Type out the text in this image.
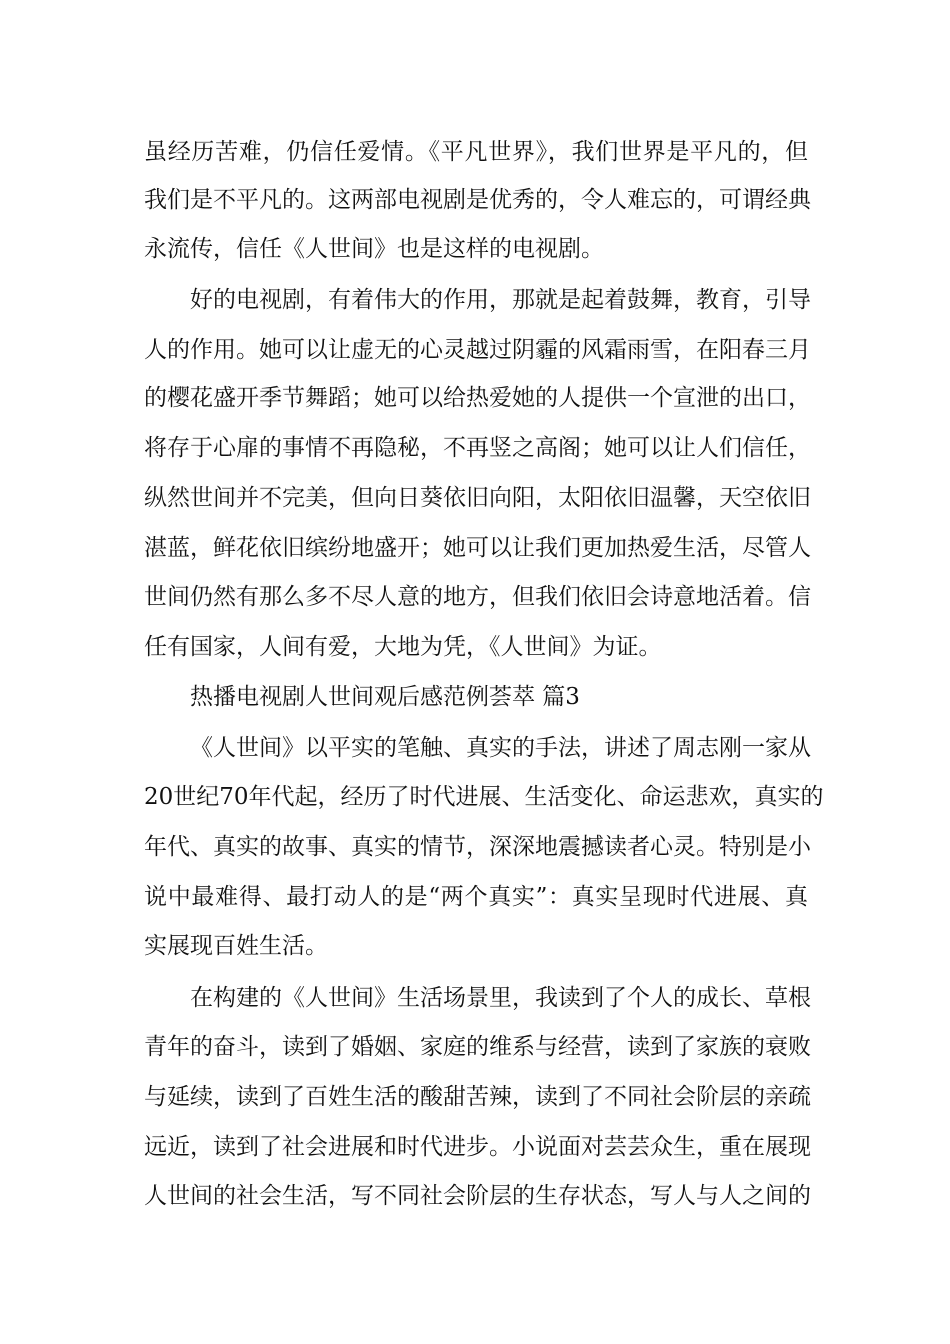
虽经历苦难，仍信任爱情。《平凡世界》，我们世界是平凡的，但
我们是不平凡的。这两部电视剧是优秀的，令人难忘的，可谓经典
永流传，信任《人世间》也是这样的电视剧。
好的电视剧，有着伟大的作用，那就是起着鼓舞，教育，引导
人的作用。她可以让虚无的心灵越过阴霾的风霜雨雪，在阳春三月
的樱花盛开季节舞蹈；她可以给热爱她的人提供一个宣泄的出口，
将存于心扉的事情不再隐秘，不再竖之高阁；她可以让人们信任，
纵然世间并不完美，但向日葵依旧向阳，太阳依旧温馨，天空依旧
湛蓝，鲜花依旧缤纷地盛开；她可以让我们更加热爱生活，尽管人
世间仍然有那么多不尽人意的地方，但我们依旧会诗意地活着。信
任有国家，人间有爱，大地为凭，《人世间》为证。
热播电视剧人世间观后感范例荟萃 篇3
《人世间》以平实的笔触、真实的手法，讲述了周志刚一家从
20世纪70年代起，经历了时代进展、生活变化、命运悲欢，真实的
年代、真实的故事、真实的情节，深深地震撼读者心灵。特别是小
说中最难得、最打动人的是“两个真实”：真实呈现时代进展、真
实展现百姓生活。
在构建的《人世间》生活场景里，我读到了个人的成长、草根
青年的奋斗，读到了婚姻、家庭的维系与经营，读到了家族的衰败
与延续，读到了百姓生活的酸甜苦辣，读到了不同社会阶层的亲疏
远近，读到了社会进展和时代进步。小说面对芸芸众生，重在展现
人世间的社会生活，写不同社会阶层的生存状态，写人与人之间的
